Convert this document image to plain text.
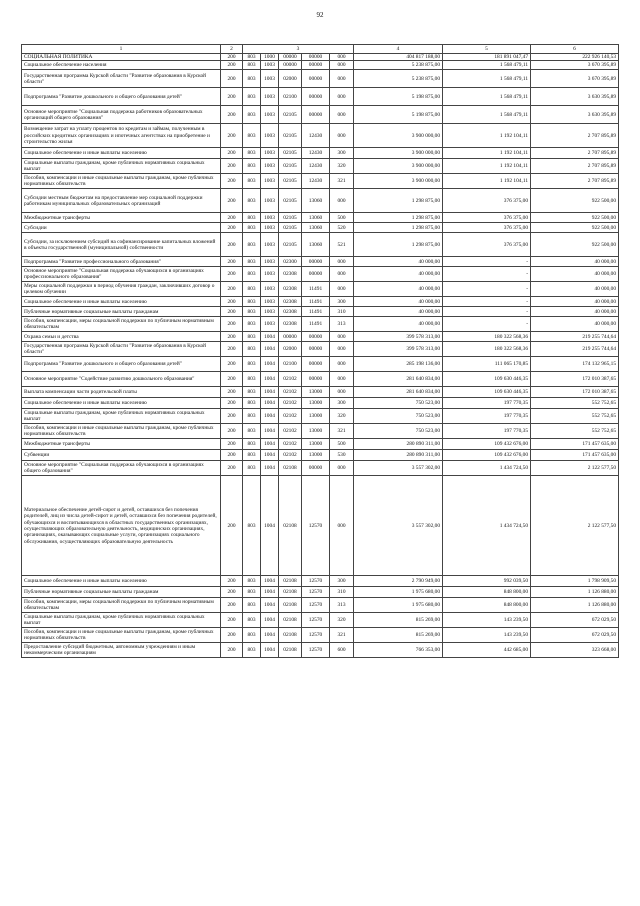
92
1	2	3					4	5	6
СОЦИАЛЬНАЯ ПОЛИТИКА	200	803	1000	00000	00000	000	404 817 188,00	181 891 047,47	222 926 140,53
Социальное обеспечение населения	200	803	1003	00000	00000	000	5 238 875,00	1 568 479,11	3 670 395,89
Государственная программа Курской области "Развитие образования в Курской области"	200	803	1003	02000	00000	000	5 238 875,00	1 568 479,11	3 670 395,89
Подпрограмма "Развитие дошкольного и общего образования детей"	200	803	1003	02100	00000	000	5 198 875,00	1 568 479,11	3 630 395,89
Основное мероприятие "Социальная поддержка работников образовательных организаций общего образования"	200	803	1003	02105	00000	000	5 198 875,00	1 568 479,11	3 630 395,89
Возмещение затрат на уплату процентов по кредитам и займам, полученным в российских кредитных организациях и ипотечных агентствах на приобретение и строительство жилья	200	803	1003	02105	12430	000	3 900 000,00	1 192 104,11	2 707 895,89
Социальное обеспечение и иные выплаты населению	200	803	1003	02105	12430	300	3 900 000,00	1 192 104,11	2 707 895,89
Социальные выплаты гражданам, кроме публичных нормативных социальных выплат	200	803	1003	02105	12430	320	3 900 000,00	1 192 104,11	2 707 895,89
Пособия, компенсации и иные социальные выплаты гражданам, кроме публичных нормативных обязательств	200	803	1003	02105	12430	321	3 900 000,00	1 192 104,11	2 707 895,89
Субсидии местным бюджетам на предоставление мер социальной поддержки работникам муниципальных образовательных организаций	200	803	1003	02105	13060	000	1 298 875,00	376 375,00	922 500,00
Межбюджетные трансферты	200	803	1003	02105	13060	500	1 298 875,00	376 375,00	922 500,00
Субсидии	200	803	1003	02105	13060	520	1 298 875,00	376 375,00	922 500,00
Субсидии, за исключением субсидий на софинансирование капитальных вложений в объекты государственной (муниципальной) собственности	200	803	1003	02105	13060	521	1 298 875,00	376 375,00	922 500,00
Подпрограмма "Развитие профессионального образования"	200	803	1003	02300	00000	000	40 000,00	-	40 000,00
Основное мероприятие "Социальная поддержка обучающихся в организациях профессионального образования"	200	803	1003	02308	00000	000	40 000,00	-	40 000,00
Меры социальной поддержки в период обучения граждан, заключивших договор о целевом обучении	200	803	1003	02308	11491	000	40 000,00	-	40 000,00
Социальное обеспечение и иные выплаты населению	200	803	1003	02308	11491	300	40 000,00	-	40 000,00
Публичные нормативные социальные выплаты гражданам	200	803	1003	02308	11491	310	40 000,00	-	40 000,00
Пособия, компенсации, меры социальной поддержки по публичным нормативным обязательствам	200	803	1003	02308	11491	313	40 000,00	-	40 000,00
Охрана семьи и детства	200	803	1004	00000	00000	000	399 578 313,00	180 322 568,36	219 255 744,64
Государственная программа Курской области "Развитие образования в Курской области"	200	803	1004	02000	00000	000	399 578 313,00	180 322 568,36	219 255 744,64
Подпрограмма "Развитие дошкольного и общего образования детей"	200	803	1004	02100	00000	000	285 198 136,00	111 065 170,85	174 132 965,15
Основное мероприятие "Содействие развитию дошкольного образования"	200	803	1004	02102	00000	000	281 640 834,00	109 630 446,35	172 010 387,65
Выплата компенсации части родительской платы	200	803	1004	02102	13000	000	281 640 834,00	109 630 446,35	172 010 387,65
Социальное обеспечение и иные выплаты населению	200	803	1004	02102	13000	300	750 523,00	197 770,35	552 752,65
Социальные выплаты гражданам, кроме публичных нормативных социальных выплат	200	803	1004	02102	13000	320	750 523,00	197 770,35	552 752,65
Пособия, компенсации и иные социальные выплаты гражданам, кроме публичных нормативных обязательств	200	803	1004	02102	13000	321	750 523,00	197 770,35	552 752,65
Межбюджетные трансферты	200	803	1004	02102	13000	500	280 890 311,00	109 432 676,00	171 457 635,00
Субвенции	200	803	1004	02102	13000	530	280 890 311,00	109 432 676,00	171 457 635,00
Основное мероприятие "Социальная поддержка обучающихся в организациях общего образования"	200	803	1004	02108	00000	000	3 557 302,00	1 434 724,50	2 122 577,50
Материальное обеспечение детей-сирот и детей, оставшихся без попечения родителей, лиц из числа детей-сирот и детей, оставшихся без попечения родителей, обучающихся и воспитывающихся в областных государственных организациях, осуществляющих образовательную деятельность, медицинских организациях, организациях, оказывающих социальные услуги, организациях социального обслуживания, осуществляющих образовательную деятельность	200	803	1004	02108	12570	000	3 557 302,00	1 434 724,50	2 122 577,50
Социальное обеспечение и иные выплаты населению	200	803	1004	02108	12570	300	2 790 949,00	992 039,50	1 798 909,50
Публичные нормативные социальные выплаты гражданам	200	803	1004	02108	12570	310	1 975 680,00	848 800,00	1 126 880,00
Пособия, компенсации, меры социальной поддержки по публичным нормативным обязательствам	200	803	1004	02108	12570	313	1 975 680,00	848 800,00	1 126 880,00
Социальные выплаты гражданам, кроме публичных нормативных социальных выплат	200	803	1004	02108	12570	320	815 269,00	143 239,50	672 029,50
Пособия, компенсации и иные социальные выплаты гражданам, кроме публичных нормативных обязательств	200	803	1004	02108	12570	321	815 269,00	143 239,50	672 029,50
Предоставление субсидий бюджетным, автономным учреждениям и иным некоммерческим организациям	200	803	1004	02108	12570	600	766 353,00	442 685,00	323 668,00
